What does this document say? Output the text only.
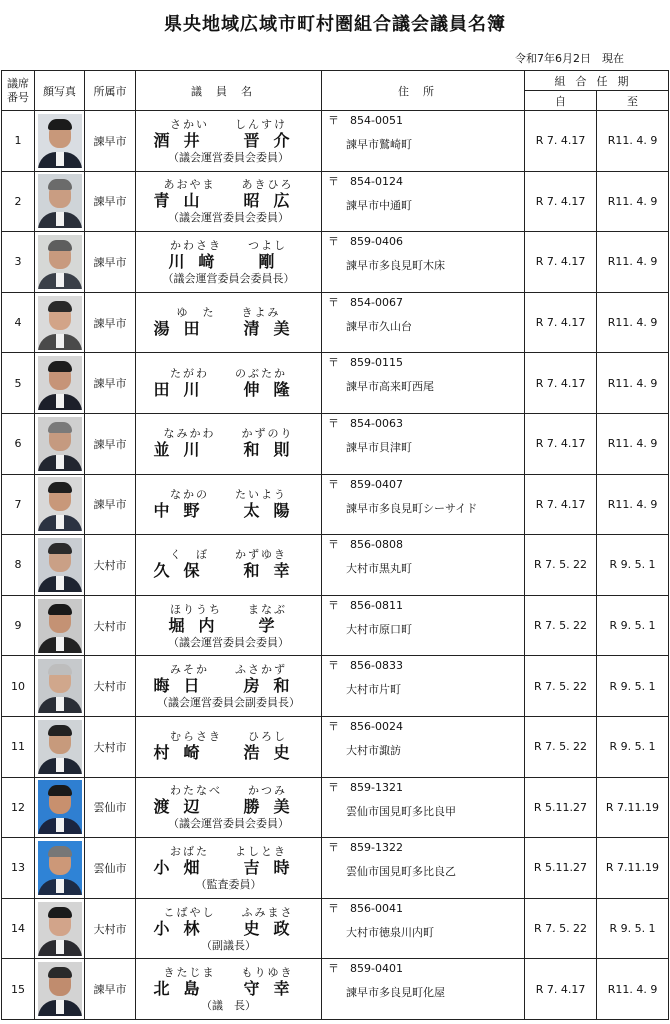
県央地域広域市町村圏組合議会議員名簿
令和7年6月2日　現在
議席
番号	顔写真	所属市	議員名	住所	組合任期	
					自	至
1		諫早市	さかい　　しんすけ
酒井　晋介
（議会運営委員会委員）	〒　 854-0051
諫早市鷲崎町	R 7. 4.17	R11. 4. 9
2		諫早市	あおやま　　あきひろ
青山　昭広
（議会運営委員会委員）	〒　 854-0124
諫早市中通町	R 7. 4.17	R11. 4. 9
3		諫早市	かわさき　　つよし
川﨑　剛
（議会運営委員会委員長）	〒　 859-0406
諫早市多良見町木床	R 7. 4.17	R11. 4. 9
4		諫早市	ゆ　た　　きよみ
湯田　清美	〒　 854-0067
諫早市久山台	R 7. 4.17	R11. 4. 9
5		諫早市	たがわ　　のぶたか
田川　伸隆	〒　 859-0115
諫早市高来町西尾	R 7. 4.17	R11. 4. 9
6		諫早市	なみかわ　　かずのり
並川　和則	〒　 854-0063
諫早市貝津町	R 7. 4.17	R11. 4. 9
7		諫早市	なかの　　たいよう
中野　太陽	〒　 859-0407
諫早市多良見町シーサイド	R 7. 4.17	R11. 4. 9
8		大村市	く　ぼ　　かずゆき
久保　和幸	〒　 856-0808
大村市黒丸町	R 7. 5. 22	R 9. 5. 1
9		大村市	ほりうち　　まなぶ
堀内　学
（議会運営委員会委員）	〒　 856-0811
大村市原口町	R 7. 5. 22	R 9. 5. 1
10		大村市	みそか　　ふさかず
晦日　房和
（議会運営委員会副委員長）	〒　 856-0833
大村市片町	R 7. 5. 22	R 9. 5. 1
11		大村市	むらさき　　ひろし
村崎　浩史	〒　 856-0024
大村市諏訪	R 7. 5. 22	R 9. 5. 1
12		雲仙市	わたなべ　　かつみ
渡辺　勝美
（議会運営委員会委員）	〒　 859-1321
雲仙市国見町多比良甲	R 5.11.27	R 7.11.19
13		雲仙市	おばた　　よしとき
小畑　吉時
（監査委員）	〒　 859-1322
雲仙市国見町多比良乙	R 5.11.27	R 7.11.19
14		大村市	こばやし　　ふみまさ
小林　史政
（副議長）	〒　 856-0041
大村市徳泉川内町	R 7. 5. 22	R 9. 5. 1
15		諫早市	きたじま　　もりゆき
北島　守幸
（議　長）	〒　 859-0401
諫早市多良見町化屋	R 7. 4.17	R11. 4. 9
